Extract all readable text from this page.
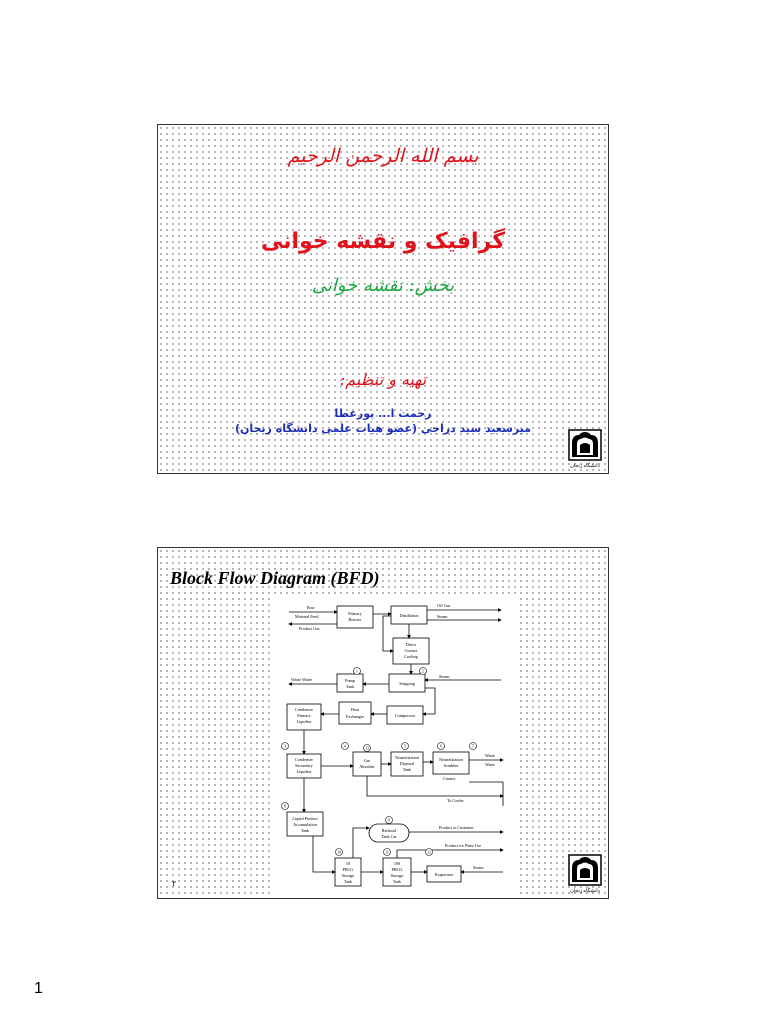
بسم الله الرحمن الرحیم
گرافیک و نقشه خوانی
بخش: نقشه خوانی
تهیه و تنظیم:
رحمت ا... پورعطا
میرسعید سید دراجی (عضو هیات علمی دانشگاه زنجان)
دانشگاه زنجان
Block Flow Diagram (BFD)
Primary
Reactor
Distillation
Direct
Contact
Cooling
Pump
Tank
Stripping
Condenser
Primary
Liquifier
Heat
Exchanger	Compressor
Condenser
Secondary
Liquifier
Gas
Absorber
Neutralization
Disposal
Tank
Neutralization
Scrubber
Liquid Product
Accumulation
Tank	Railroad
Tank Car
10
PBCG
Storage
Tank
100
PBCG
Storage
Tank
Evaporator
Raw
Material Feed
Product Gas
Off Gas
Steam
Waste Water
Steam
Waste
Water
Caustic
To Cooler
Product to Customer
Product for Plant Use
Steam
1	2
3	4	5	6	7
8
9
10	11	12
13
۲
دانشگاه زنجان
1
